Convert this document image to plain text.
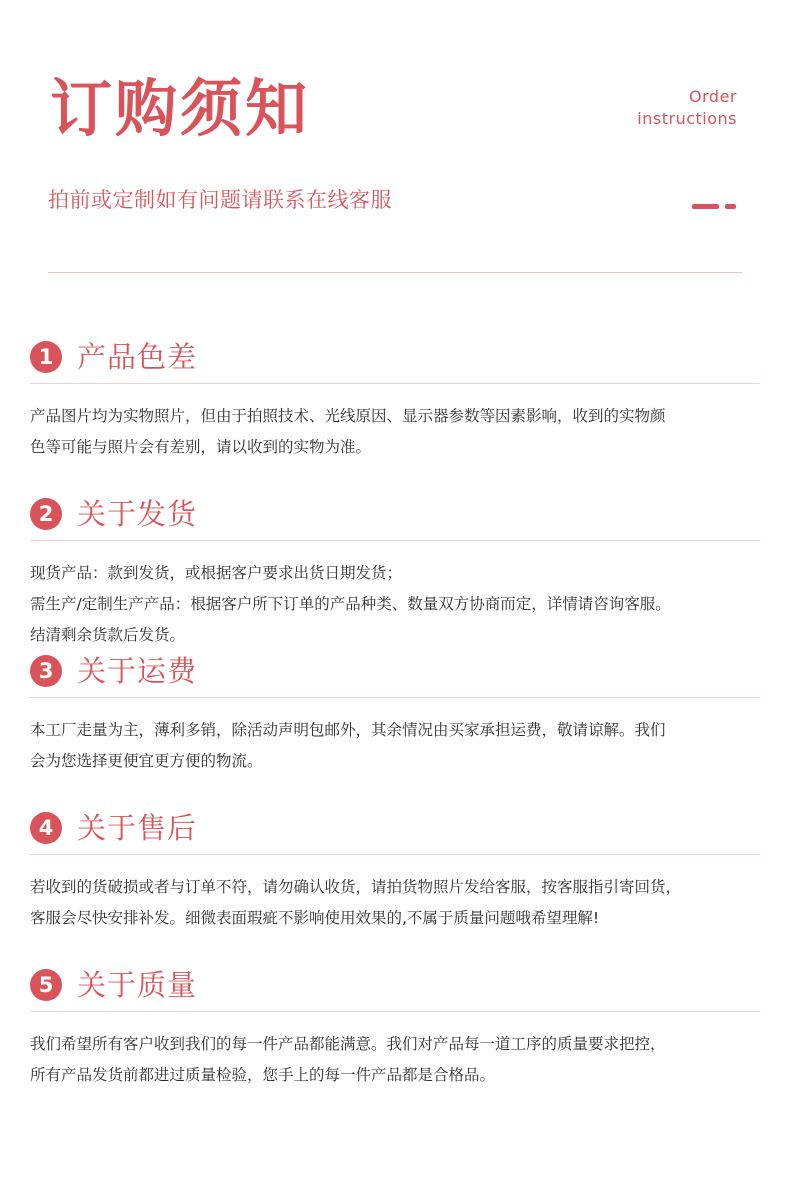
订购须知	Order
instructions
拍前或定制如有问题请联系在线客服
1 产品色差

产品图片均为实物照片，但由于拍照技术、光线原因、显示器参数等因素影响，收到的实物颜

色等可能与照片会有差别，请以收到的实物为准。

2 关于发货

现货产品：款到发货，或根据客户要求出货日期发货；

需生产/定制生产产品：根据客户所下订单的产品种类、数量双方协商而定，详情请咨询客服。

结清剩余货款后发货。

3 关于运费

本工厂走量为主，薄利多销，除活动声明包邮外，其余情况由买家承担运费，敬请谅解。我们

会为您选择更便宜更方便的物流。

4 关于售后

若收到的货破损或者与订单不符，请勿确认收货，请拍货物照片发给客服，按客服指引寄回货，

客服会尽快安排补发。细微表面瑕疵不影响使用效果的,不属于质量问题哦希望理解!

5 关于质量

我们希望所有客户收到我们的每一件产品都能满意。我们对产品每一道工序的质量要求把控，

所有产品发货前都进过质量检验，您手上的每一件产品都是合格品。
